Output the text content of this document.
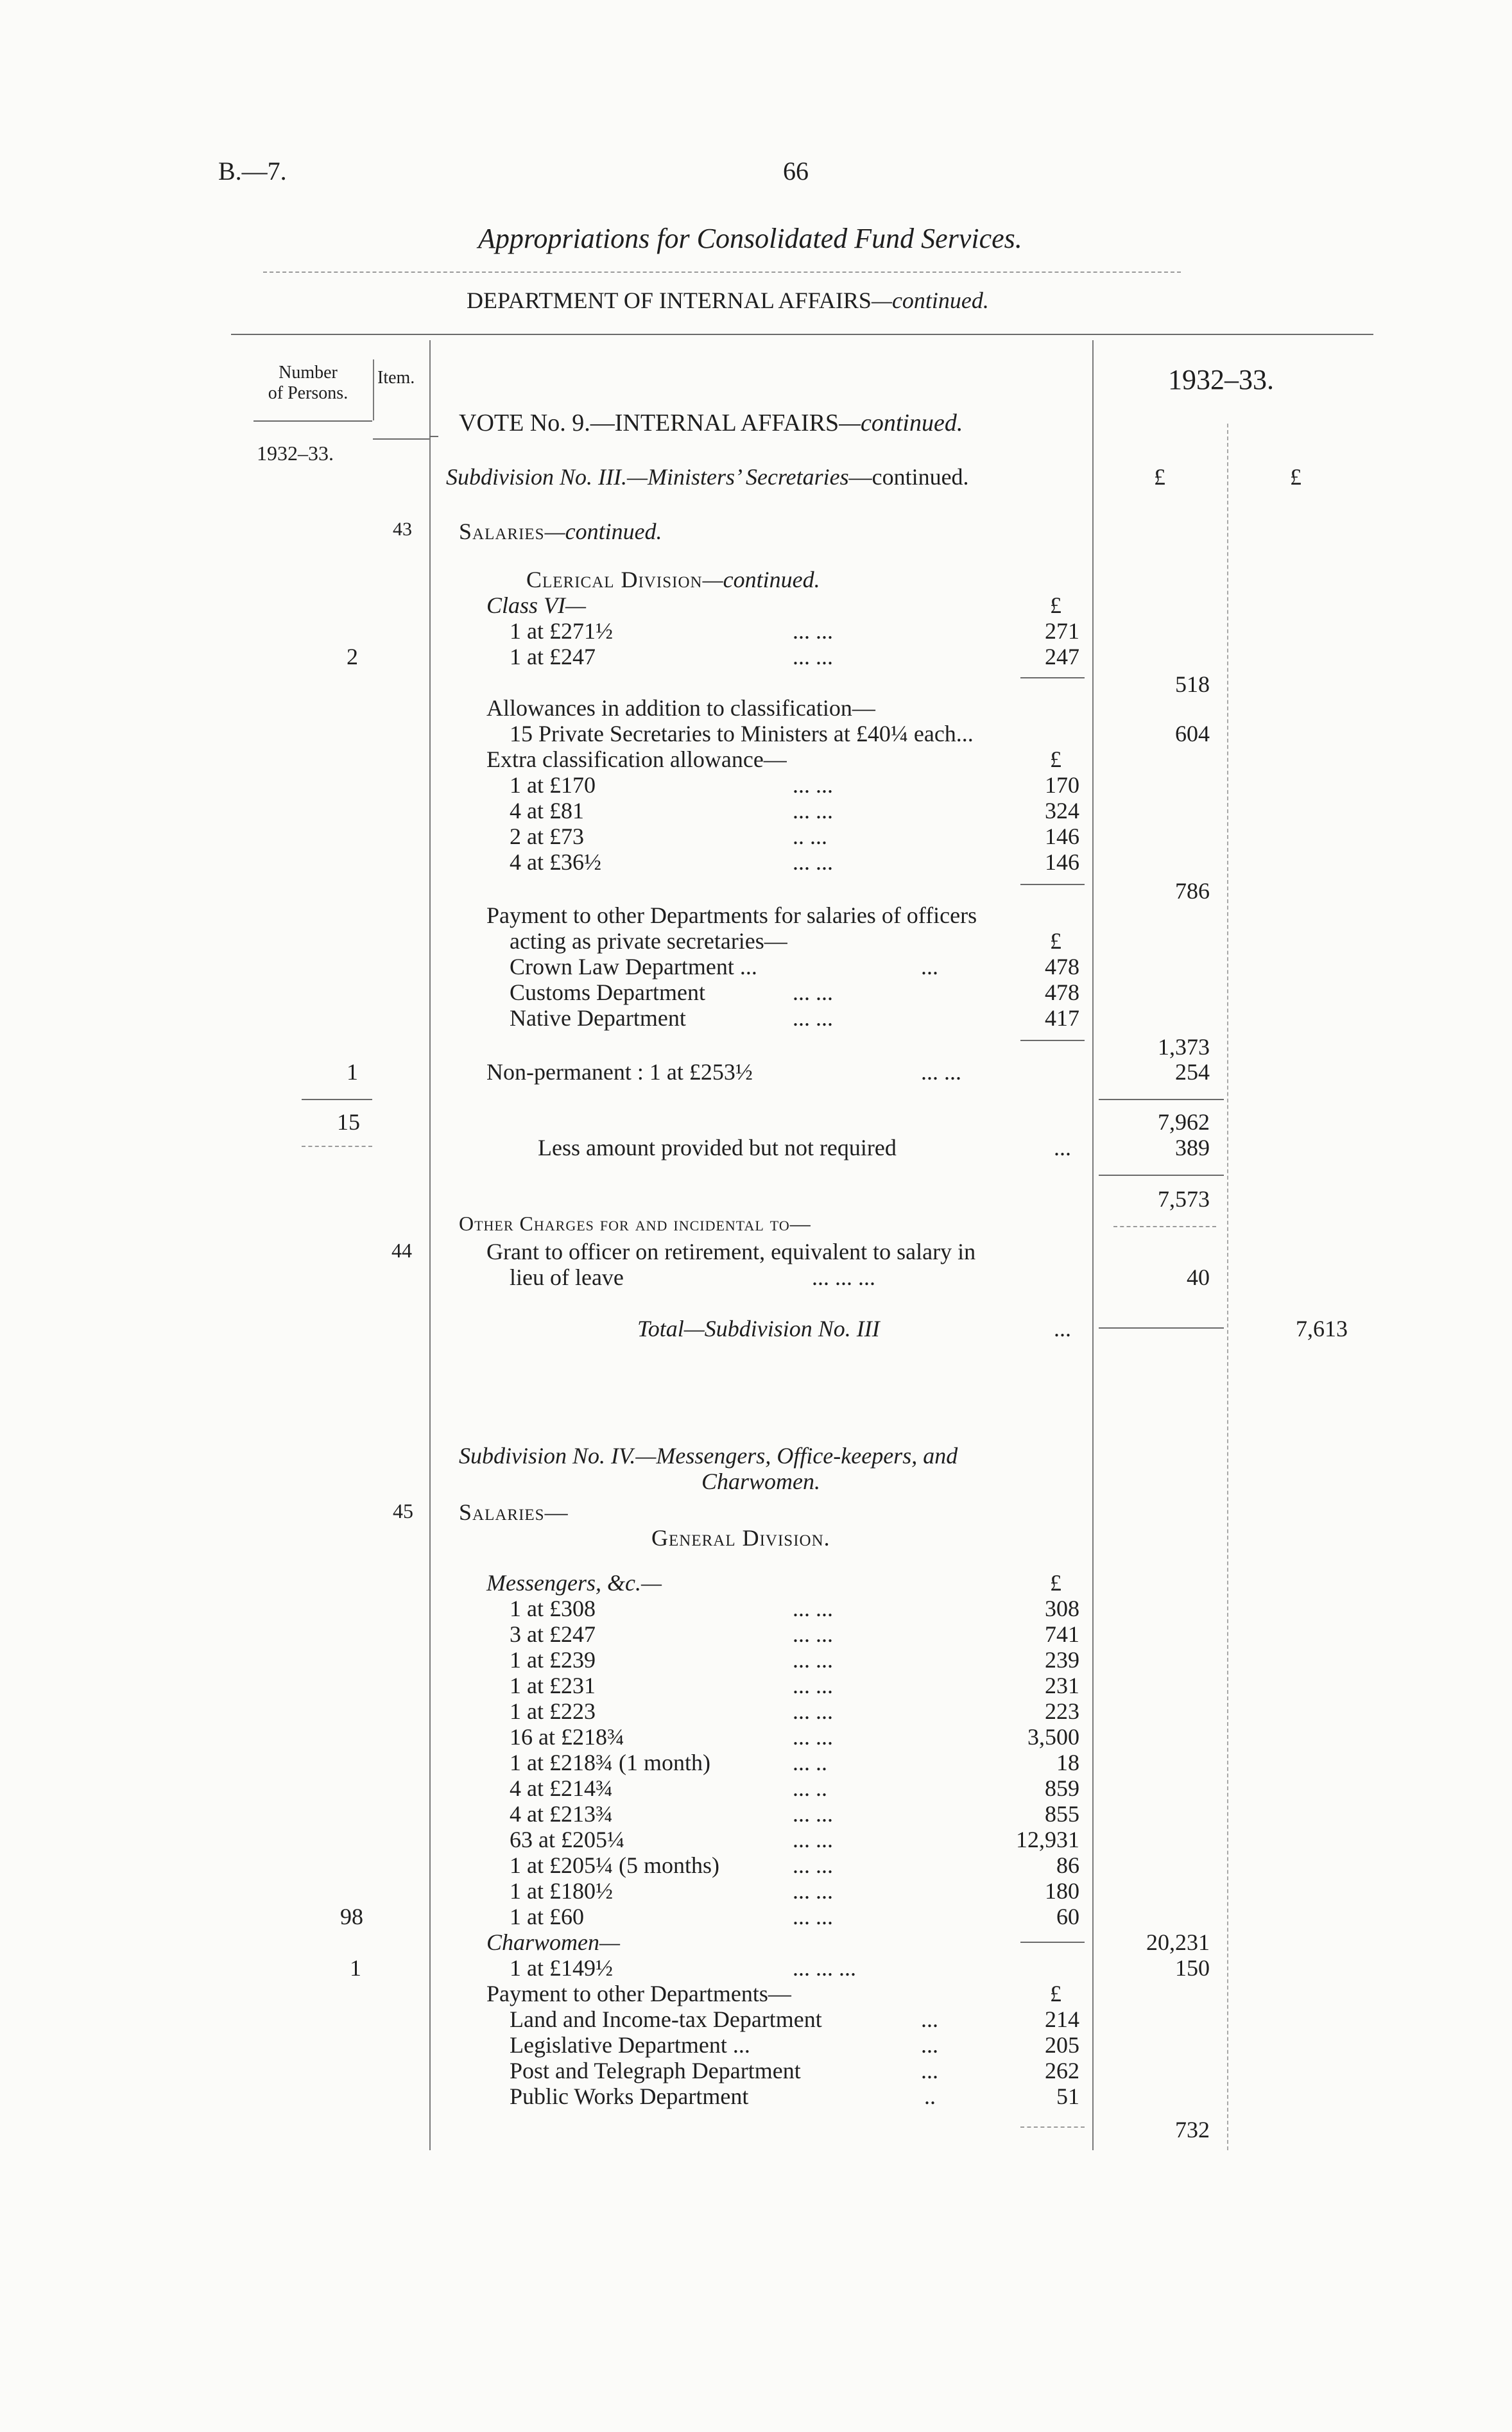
B.—7.	66
Appropriations for Consolidated Fund Services.
DEPARTMENT OF INTERNAL AFFAIRS—continued.
Number
of Persons.
Item.
1932–33.
1932–33.
£	£
VOTE No. 9.—INTERNAL AFFAIRS—continued.
Subdivision No. III.—Ministers’ Secretaries—continued.
43 Salaries—continued.
Clerical Division—continued.
Class VI—	£
1 at £271½	... ...	271
2	1 at £247	... ...	247
518
Allowances in addition to classification—
15 Private Secretaries to Ministers at £40¼ each...	604
Extra classification allowance—	£
1 at £170	... ...	170
4 at £81	... ...	324
2 at £73	.. ...	146
4 at £36½	... ...	146
786
Payment to other Departments for salaries of officers
acting as private secretaries—	£
Crown Law Department ...	...	478
Customs Department	... ...	478
Native Department	... ...	417
1,373
1	Non-permanent : 1 at £253½	... ...	254
15	7,962
Less amount provided but not required	...	389
7,573
Other Charges for and incidental to—
44	Grant to officer on retirement, equivalent to salary in
lieu of leave	... ... ...	40
Total—Subdivision No. III	...	7,613
Subdivision No. IV.—Messengers, Office-keepers, and
Charwomen.
45 Salaries—
General Division.
Messengers, &c.—	£
1 at £308	... ...	308
3 at £247	... ...	741
1 at £239	... ...	239
1 at £231	... ...	231
1 at £223	... ...	223
16 at £218¾	... ...	3,500
1 at £218¾ (1 month)	... ..	18
4 at £214¾	... ..	859
4 at £213¾	... ...	855
63 at £205¼	... ...	12,931
1 at £205¼ (5 months)	... ...	86
1 at £180½	... ...	180
98	1 at £60	... ...	60
Charwomen—	20,231
1	1 at £149½	... ... ...	150
Payment to other Departments—	£
Land and Income-tax Department	...	214
Legislative Department ...	...	205
Post and Telegraph Department	...	262
Public Works Department	..	51
732
